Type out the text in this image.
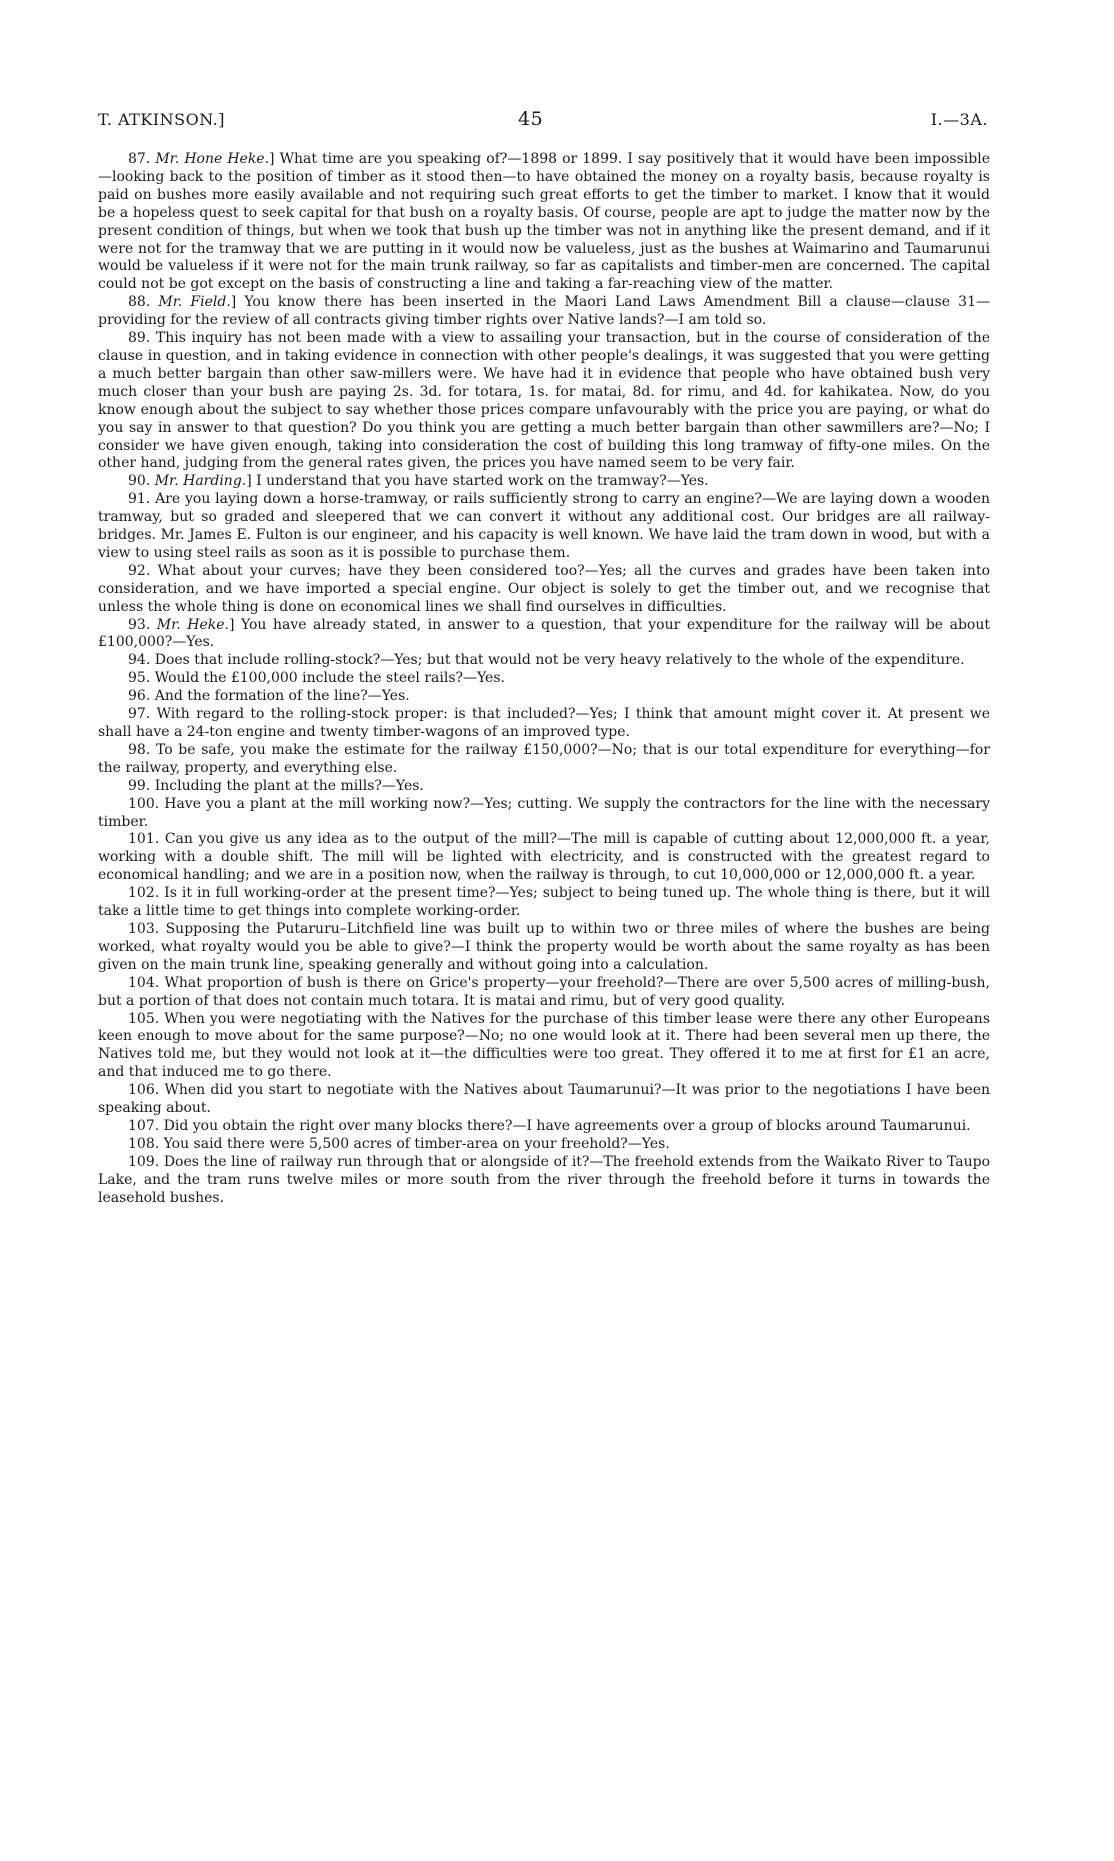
T. ATKINSON.]	45	I.—3A.

87. Mr. Hone Heke.] What time are you speaking of?—1898 or 1899. I say positively that it would have been impossible—looking back to the position of timber as it stood then—to have obtained the money on a royalty basis, because royalty is paid on bushes more easily available and not requiring such great efforts to get the timber to market. I know that it would be a hopeless quest to seek capital for that bush on a royalty basis. Of course, people are apt to judge the matter now by the present condition of things, but when we took that bush up the timber was not in anything like the present demand, and if it were not for the tramway that we are putting in it would now be valueless, just as the bushes at Waimarino and Taumarunui would be valueless if it were not for the main trunk railway, so far as capitalists and timber-men are concerned. The capital could not be got except on the basis of constructing a line and taking a far-reaching view of the matter.

88. Mr. Field.] You know there has been inserted in the Maori Land Laws Amendment Bill a clause—clause 31—providing for the review of all contracts giving timber rights over Native lands?—I am told so.

89. This inquiry has not been made with a view to assailing your transaction, but in the course of consideration of the clause in question, and in taking evidence in connection with other people's dealings, it was suggested that you were getting a much better bargain than other saw-millers were. We have had it in evidence that people who have obtained bush very much closer than your bush are paying 2s. 3d. for totara, 1s. for matai, 8d. for rimu, and 4d. for kahikatea. Now, do you know enough about the subject to say whether those prices compare unfavourably with the price you are paying, or what do you say in answer to that question? Do you think you are getting a much better bargain than other sawmillers are?—No; I consider we have given enough, taking into consideration the cost of building this long tramway of fifty-one miles. On the other hand, judging from the general rates given, the prices you have named seem to be very fair.

90. Mr. Harding.] I understand that you have started work on the tramway?—Yes.

91. Are you laying down a horse-tramway, or rails sufficiently strong to carry an engine?—We are laying down a wooden tramway, but so graded and sleepered that we can convert it without any additional cost. Our bridges are all railway-bridges. Mr. James E. Fulton is our engineer, and his capacity is well known. We have laid the tram down in wood, but with a view to using steel rails as soon as it is possible to purchase them.

92. What about your curves; have they been considered too?—Yes; all the curves and grades have been taken into consideration, and we have imported a special engine. Our object is solely to get the timber out, and we recognise that unless the whole thing is done on economical lines we shall find ourselves in difficulties.

93. Mr. Heke.] You have already stated, in answer to a question, that your expenditure for the railway will be about £100,000?—Yes.

94. Does that include rolling-stock?—Yes; but that would not be very heavy relatively to the whole of the expenditure.

95. Would the £100,000 include the steel rails?—Yes.

96. And the formation of the line?—Yes.

97. With regard to the rolling-stock proper: is that included?—Yes; I think that amount might cover it. At present we shall have a 24-ton engine and twenty timber-wagons of an improved type.

98. To be safe, you make the estimate for the railway £150,000?—No; that is our total expenditure for everything—for the railway, property, and everything else.

99. Including the plant at the mills?—Yes.

100. Have you a plant at the mill working now?—Yes; cutting. We supply the contractors for the line with the necessary timber.

101. Can you give us any idea as to the output of the mill?—The mill is capable of cutting about 12,000,000 ft. a year, working with a double shift. The mill will be lighted with electricity, and is constructed with the greatest regard to economical handling; and we are in a position now, when the railway is through, to cut 10,000,000 or 12,000,000 ft. a year.

102. Is it in full working-order at the present time?—Yes; subject to being tuned up. The whole thing is there, but it will take a little time to get things into complete working-order.

103. Supposing the Putaruru–Litchfield line was built up to within two or three miles of where the bushes are being worked, what royalty would you be able to give?—I think the property would be worth about the same royalty as has been given on the main trunk line, speaking generally and without going into a calculation.

104. What proportion of bush is there on Grice's property—your freehold?—There are over 5,500 acres of milling-bush, but a portion of that does not contain much totara. It is matai and rimu, but of very good quality.

105. When you were negotiating with the Natives for the purchase of this timber lease were there any other Europeans keen enough to move about for the same purpose?—No; no one would look at it. There had been several men up there, the Natives told me, but they would not look at it—the difficulties were too great. They offered it to me at first for £1 an acre, and that induced me to go there.

106. When did you start to negotiate with the Natives about Taumarunui?—It was prior to the negotiations I have been speaking about.

107. Did you obtain the right over many blocks there?—I have agreements over a group of blocks around Taumarunui.

108. You said there were 5,500 acres of timber-area on your freehold?—Yes.

109. Does the line of railway run through that or alongside of it?—The freehold extends from the Waikato River to Taupo Lake, and the tram runs twelve miles or more south from the river through the freehold before it turns in towards the leasehold bushes.
